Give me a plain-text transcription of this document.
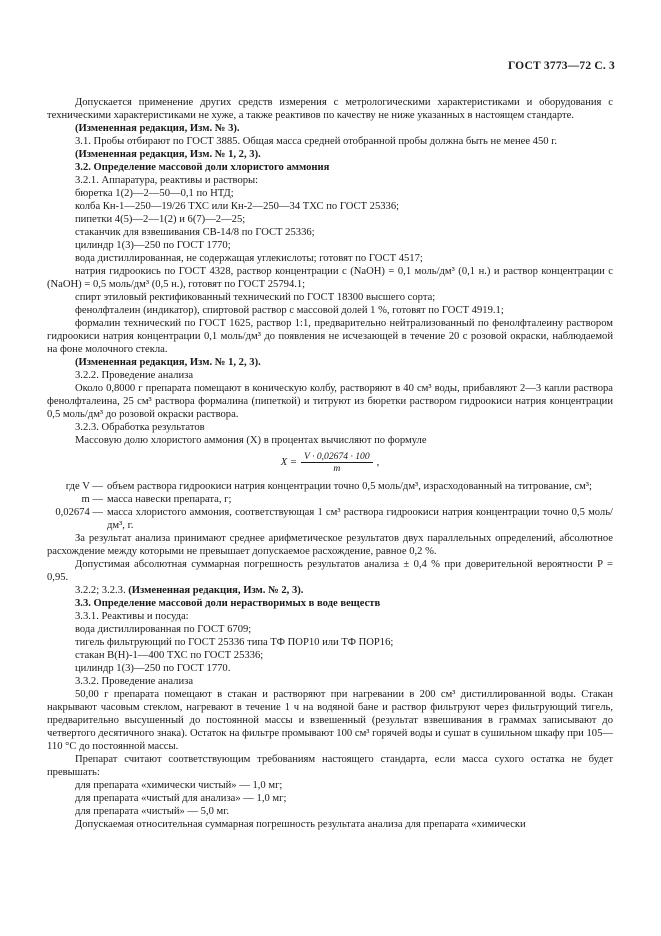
ГОСТ 3773—72 С. 3

Допускается применение других средств измерения с метрологическими характеристиками и оборудования с техническими характеристиками не хуже, а также реактивов по качеству не ниже указанных в настоящем стандарте.

(Измененная редакция, Изм. № 3).

3.1. Пробы отбирают по ГОСТ 3885. Общая масса средней отобранной пробы должна быть не менее 450 г.

(Измененная редакция, Изм. № 1, 2, 3).

3.2. Определение массовой доли хлористого аммония

3.2.1. Аппаратура, реактивы и растворы:

бюретка 1(2)—2—50—0,1 по НТД;

колба Кн-1—250—19/26 ТХС или Кн-2—250—34 ТХС по ГОСТ 25336;

пипетки 4(5)—2—1(2) и 6(7)—2—25;

стаканчик для взвешивания СВ-14/8 по ГОСТ 25336;

цилиндр 1(3)—250 по ГОСТ 1770;

вода дистиллированная, не содержащая углекислоты; готовят по ГОСТ 4517;

натрия гидроокись по ГОСТ 4328, раствор концентрации c (NaOH) = 0,1 моль/дм³ (0,1 н.) и раствор концентрации c (NaOH) = 0,5 моль/дм³ (0,5 н.), готовят по ГОСТ 25794.1;

спирт этиловый ректификованный технический по ГОСТ 18300 высшего сорта;

фенолфталеин (индикатор), спиртовой раствор с массовой долей 1 %, готовят по ГОСТ 4919.1;

формалин технический по ГОСТ 1625, раствор 1:1, предварительно нейтрализованный по фенолфталеину раствором гидроокиси натрия концентрации 0,1 моль/дм³ до появления не исчезающей в течение 20 с розовой окраски, наблюдаемой на фоне молочного стекла.

(Измененная редакция, Изм. № 1, 2, 3).

3.2.2. Проведение анализа

Около 0,8000 г препарата помещают в коническую колбу, растворяют в 40 см³ воды, прибавляют 2—3 капли раствора фенолфталеина, 25 см³ раствора формалина (пипеткой) и титруют из бюретки раствором гидроокиси натрия концентрации 0,5 моль/дм³ до розовой окраски раствора.

3.2.3. Обработка результатов

Массовую долю хлористого аммония (X) в процентах вычисляют по формуле

$X = \frac{V \cdot 0,02674 \cdot 100}{m}$ ,
где V — объем раствора гидроокиси натрия концентрации точно 0,5 моль/дм³, израсходованный на титрование, см³;
m — масса навески препарата, г;
0,02674 — масса хлористого аммония, соответствующая 1 см³ раствора гидроокиси натрия концентрации точно 0,5 моль/дм³, г.

За результат анализа принимают среднее арифметическое результатов двух параллельных определений, абсолютное расхождение между которыми не превышает допускаемое расхождение, равное 0,2 %.

Допустимая абсолютная суммарная погрешность результатов анализа ± 0,4 % при доверительной вероятности P = 0,95.

3.2.2; 3.2.3. (Измененная редакция, Изм. № 2, 3).

3.3. Определение массовой доли нерастворимых в воде веществ

3.3.1. Реактивы и посуда:

вода дистиллированная по ГОСТ 6709;

тигель фильтрующий по ГОСТ 25336 типа ТФ ПОР10 или ТФ ПОР16;

стакан В(Н)-1—400 ТХС по ГОСТ 25336;

цилиндр 1(3)—250 по ГОСТ 1770.

3.3.2. Проведение анализа

50,00 г препарата помещают в стакан и растворяют при нагревании в 200 см³ дистиллированной воды. Стакан накрывают часовым стеклом, нагревают в течение 1 ч на водяной бане и раствор фильтруют через фильтрующий тигель, предварительно высушенный до постоянной массы и взвешенный (результат взвешивания в граммах записывают до четвертого десятичного знака). Остаток на фильтре промывают 100 см³ горячей воды и сушат в сушильном шкафу при 105—110 °С до постоянной массы.

Препарат считают соответствующим требованиям настоящего стандарта, если масса сухого остатка не будет превышать:

для препарата «химически чистый» — 1,0 мг;

для препарата «чистый для анализа» — 1,0 мг;

для препарата «чистый» — 5,0 мг.

Допускаемая относительная суммарная погрешность результата анализа для препарата «химически
